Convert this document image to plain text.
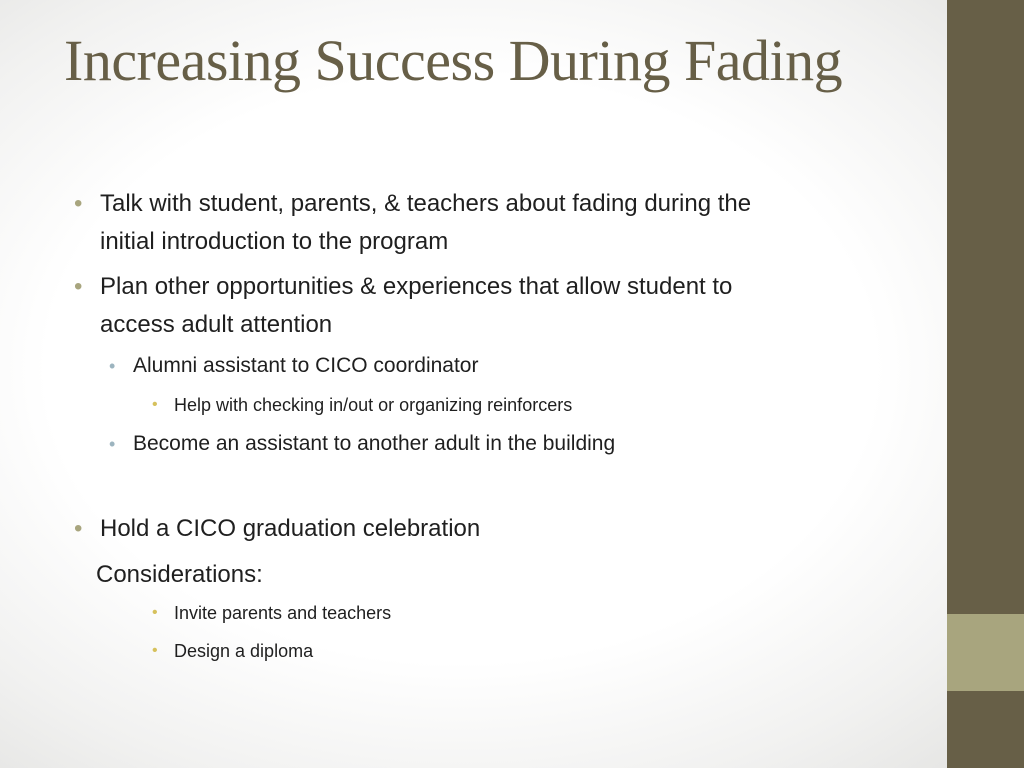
Increasing Success During Fading
• Talk with student, parents, & teachers about fading during the
initial introduction to the program
• Plan other opportunities & experiences that allow student to
access adult attention
• Alumni assistant to CICO coordinator
• Help with checking in/out or organizing reinforcers
• Become an assistant to another adult in the building
• Hold a CICO graduation celebration
Considerations:
• Invite parents and teachers
• Design a diploma
